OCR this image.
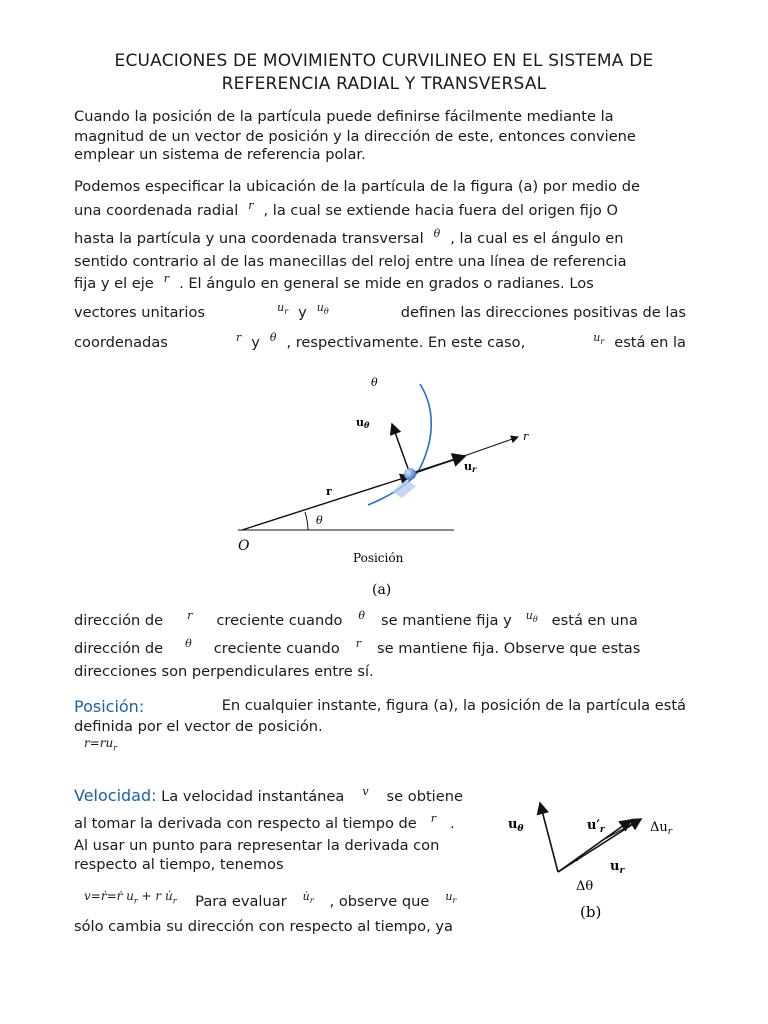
ECUACIONES DE MOVIMIENTO CURVILINEO EN EL SISTEMA DE
REFERENCIA RADIAL Y TRANSVERSAL
Cuando la posición de la partícula puede definirse fácilmente mediante la
magnitud de un vector de posición y la dirección de este, entonces conviene
emplear un sistema de referencia polar.
Podemos especificar la ubicación de la partícula de la figura (a) por medio de
una coordenada radial r , la cual se extiende hacia fuera del origen fijo O
hasta la partícula y una coordenada transversal θ , la cual es el ángulo en
sentido contrario al de las manecillas del reloj entre una línea de referencia
fija y el eje r . El ángulo en general se mide en grados o radianes. Los
vectores unitarios	$u_r$ y $u_\theta$	definen las direcciones positivas de las
coordenadas	r y θ , respectivamente. En este caso,	$u_r$ está en la
θ
uθ
r
ur
r
θ
O
Posición
(a)
dirección de r creciente cuando θ se mantiene fija y $u_\theta$ está en una
dirección de θ creciente cuando r se mantiene fija. Observe que estas
direcciones son perpendiculares entre sí.
Posición:	En cualquier instante, figura (a), la posición de la partícula está
definida por el vector de posición.
$r=ru_r$
Velocidad: La velocidad instantánea v se obtiene
al tomar la derivada con respecto al tiempo de r .
Al usar un punto para representar la derivada con
respecto al tiempo, tenemos
$^{v=ṙ=ṙ u_r + r u̇_r}$ Para evaluar $u̇_r$ , observe que $u_r$
sólo cambia su dirección con respecto al tiempo, ya
$u_\theta$	$u'_r$	$\Delta u_r$
$u_r$
Δθ
(b)
